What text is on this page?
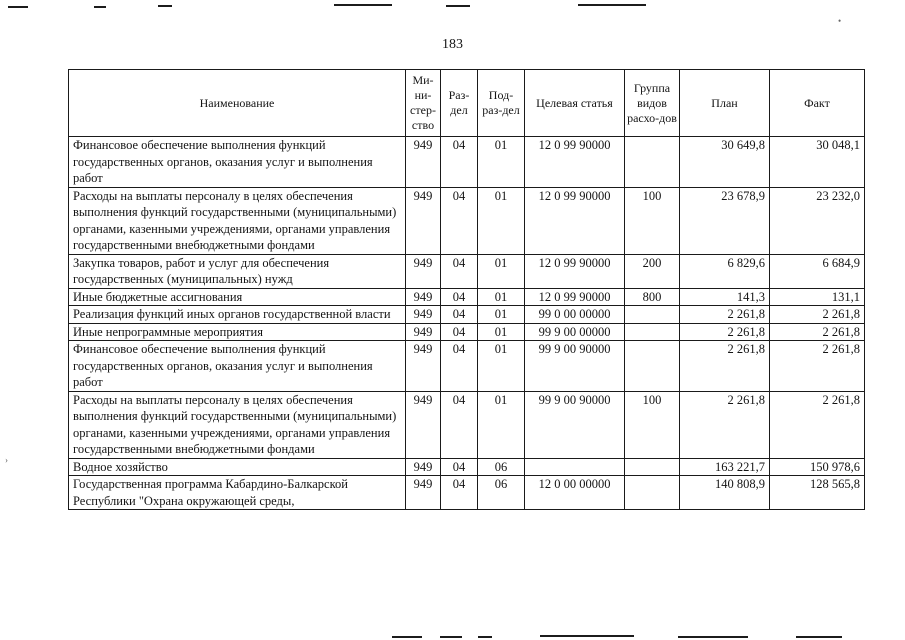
•
›
183
Наименование	Ми-ни-стер-ство	Раз-дел	Под-раз-дел	Целевая статья	Группа видов расхо-дов	План	Факт
Финансовое обеспечение выполнения функций государственных органов, оказания услуг и выполнения работ	949	04	01	12 0 99 90000		30 649,8	30 048,1
Расходы на выплаты персоналу в целях обеспечения выполнения функций государственными (муниципальными) органами, казенными учреждениями, органами управления государственными внебюджетными фондами	949	04	01	12 0 99 90000	100	23 678,9	23 232,0
Закупка товаров, работ и услуг для обеспечения государственных (муниципальных) нужд	949	04	01	12 0 99 90000	200	6 829,6	6 684,9
Иные бюджетные ассигнования	949	04	01	12 0 99 90000	800	141,3	131,1
Реализация функций иных органов государственной власти	949	04	01	99 0 00 00000		2 261,8	2 261,8
Иные непрограммные мероприятия	949	04	01	99 9 00 00000		2 261,8	2 261,8
Финансовое обеспечение выполнения функций государственных органов, оказания услуг и выполнения работ	949	04	01	99 9 00 90000		2 261,8	2 261,8
Расходы на выплаты персоналу в целях обеспечения выполнения функций государственными (муниципальными) органами, казенными учреждениями, органами управления государственными внебюджетными фондами	949	04	01	99 9 00 90000	100	2 261,8	2 261,8
Водное хозяйство	949	04	06			163 221,7	150 978,6
Государственная программа Кабардино-Балкарской Республики "Охрана окружающей среды,	949	04	06	12 0 00 00000		140 808,9	128 565,8
